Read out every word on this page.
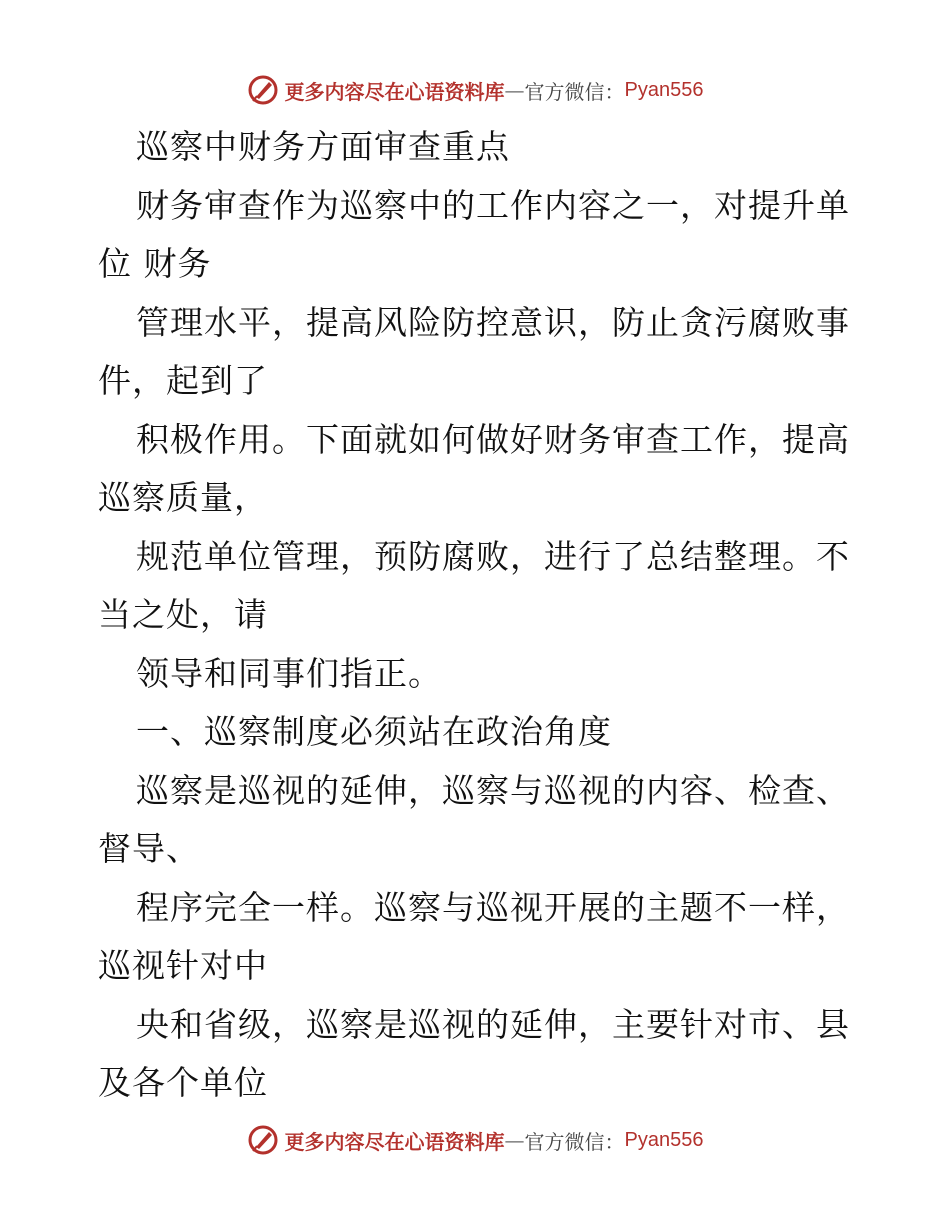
更多内容尽在心语资料库 — 官方微信： Pyan556
巡察中财务方面审查重点
财务审查作为巡察中的工作内容之一，对提升单
位 财务
管理水平，提高风险防控意识，防止贪污腐败事
件，起到了
积极作用。下面就如何做好财务审查工作，提高
巡察质量，
规范单位管理，预防腐败，进行了总结整理。不
当之处，请
领导和同事们指正。
一、巡察制度必须站在政治角度
巡察是巡视的延伸，巡察与巡视的内容、检查、
督导、
程序完全一样。巡察与巡视开展的主题不一样，
巡视针对中
央和省级，巡察是巡视的延伸，主要针对市、县
及各个单位
更多内容尽在心语资料库 — 官方微信： Pyan556
